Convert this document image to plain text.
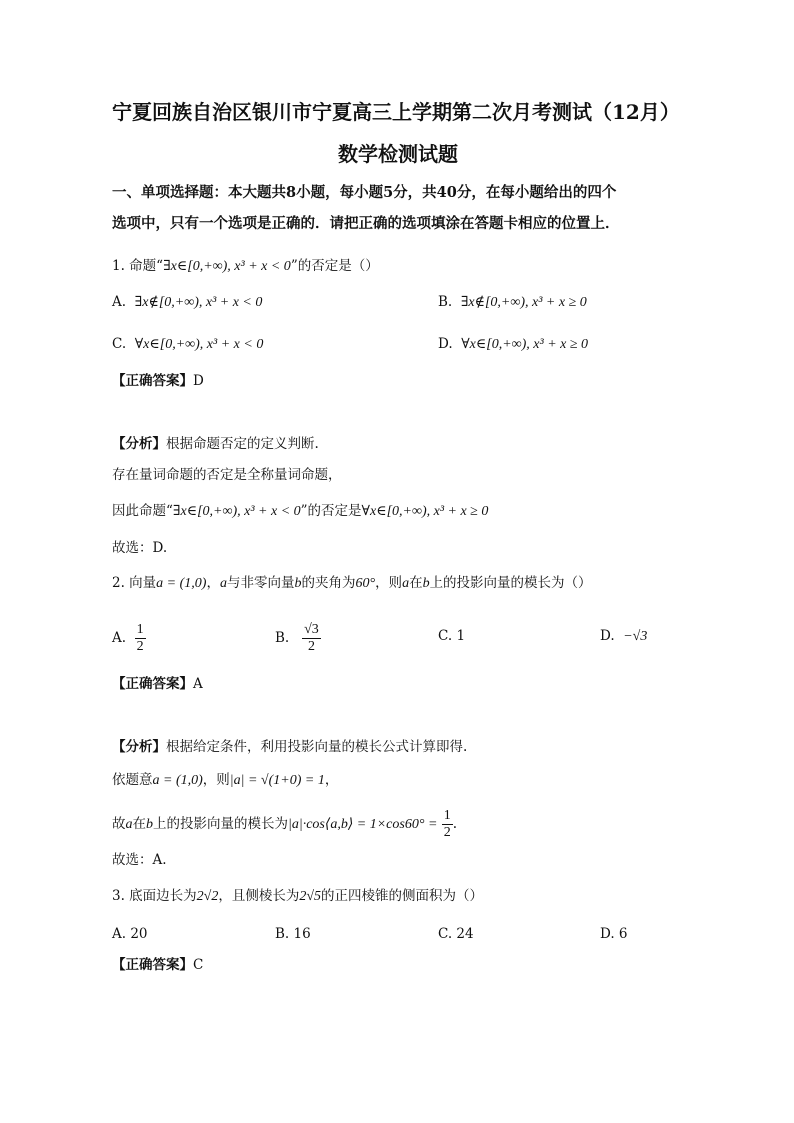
宁夏回族自治区银川市宁夏高三上学期第二次月考测试（12月）
数学检测试题
一、单项选择题：本大题共8小题，每小题5分，共40分，在每小题给出的四个
选项中，只有一个选项是正确的．请把正确的选项填涂在答题卡相应的位置上．
1. 命题“∃x∈[0,+∞), x³ + x < 0”的否定是（）
A. ∃x∉[0,+∞), x³ + x < 0	B. ∃x∉[0,+∞), x³ + x ≥ 0
C. ∀x∈[0,+∞), x³ + x < 0	D. ∀x∈[0,+∞), x³ + x ≥ 0
【正确答案】D
【分析】根据命题否定的定义判断.
存在量词命题的否定是全称量词命题，
因此命题“∃x∈[0,+∞), x³ + x < 0”的否定是∀x∈[0,+∞), x³ + x ≥ 0
故选：D.
2. 向量a = (1,0)，a与非零向量b的夹角为60°，则a在b上的投影向量的模长为（）
A. $\frac{1}{2}$	B. $\frac{√3}{2}$	C. 1	D. −√3
【正确答案】A
【分析】根据给定条件，利用投影向量的模长公式计算即得.
依题意a = (1,0)，则|a| = √(1+0) = 1，
故a在b上的投影向量的模长为|a|·cos⟨a,b⟩ = $1\times\cos 60^\circ = \frac{1}{2}$ .
故选：A.
3. 底面边长为2√2，且侧棱长为2√5的正四棱锥的侧面积为（）
A. 20	B. 16	C. 24	D. 6
【正确答案】C
